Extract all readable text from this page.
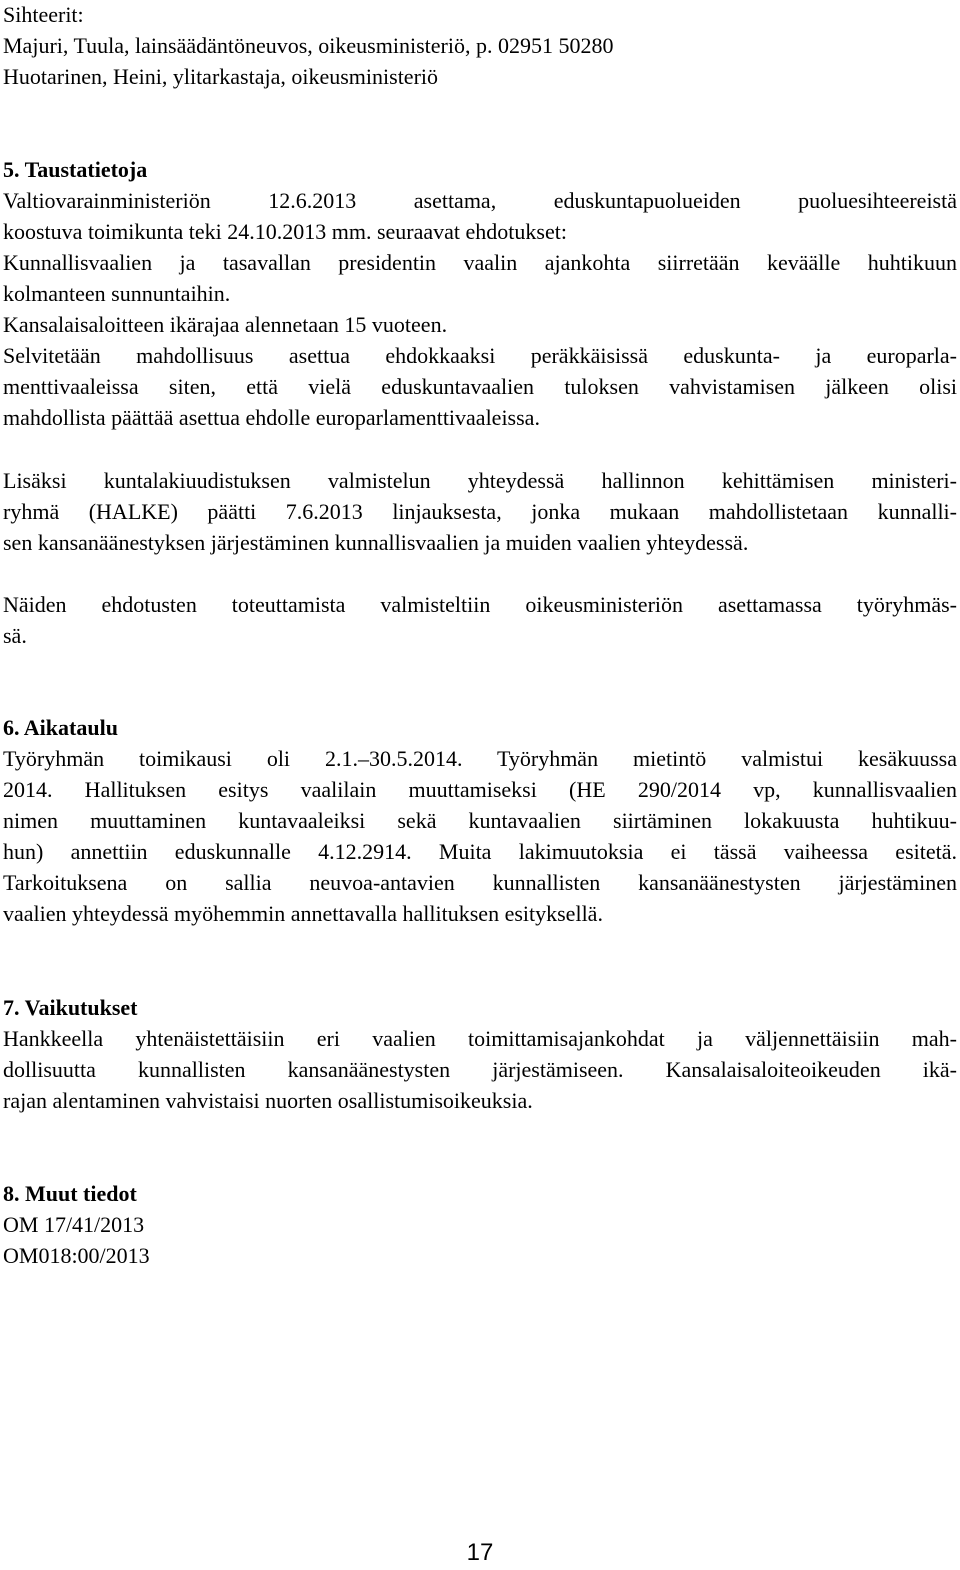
Sihteerit:
Majuri, Tuula, lainsäädäntöneuvos, oikeusministeriö, p. 02951 50280
Huotarinen, Heini, ylitarkastaja, oikeusministeriö
5. Taustatietoja
Valtiovarainministeriön 12.6.2013 asettama, eduskuntapuolueiden puoluesihteereistä
koostuva toimikunta teki 24.10.2013 mm. seuraavat ehdotukset:
Kunnallisvaalien ja tasavallan presidentin vaalin ajankohta siirretään keväälle huhtikuun
kolmanteen sunnuntaihin.
Kansalaisaloitteen ikärajaa alennetaan 15 vuoteen.
Selvitetään mahdollisuus asettua ehdokkaaksi peräkkäisissä eduskunta- ja europarla-
menttivaaleissa siten, että vielä eduskuntavaalien tuloksen vahvistamisen jälkeen olisi
mahdollista päättää asettua ehdolle europarlamenttivaaleissa.
Lisäksi kuntalakiuudistuksen valmistelun yhteydessä hallinnon kehittämisen ministeri-
ryhmä (HALKE) päätti 7.6.2013 linjauksesta, jonka mukaan mahdollistetaan kunnalli-
sen kansanäänestyksen järjestäminen kunnallisvaalien ja muiden vaalien yhteydessä.
Näiden ehdotusten toteuttamista valmisteltiin oikeusministeriön asettamassa työryhmäs-
sä.
6. Aikataulu
Työryhmän toimikausi oli 2.1.–30.5.2014. Työryhmän mietintö valmistui kesäkuussa
2014. Hallituksen esitys vaalilain muuttamiseksi (HE 290/2014 vp, kunnallisvaalien
nimen muuttaminen kuntavaaleiksi sekä kuntavaalien siirtäminen lokakuusta huhtikuu-
hun) annettiin eduskunnalle 4.12.2914. Muita lakimuutoksia ei tässä vaiheessa esitetä.
Tarkoituksena on sallia neuvoa-antavien kunnallisten kansanäänestysten järjestäminen
vaalien yhteydessä myöhemmin annettavalla hallituksen esityksellä.
7. Vaikutukset
Hankkeella yhtenäistettäisiin eri vaalien toimittamisajankohdat ja väljennettäisiin mah-
dollisuutta kunnallisten kansanäänestysten järjestämiseen. Kansalaisaloiteoikeuden ikä-
rajan alentaminen vahvistaisi nuorten osallistumisoikeuksia.
8. Muut tiedot
OM 17/41/2013
OM018:00/2013
17
